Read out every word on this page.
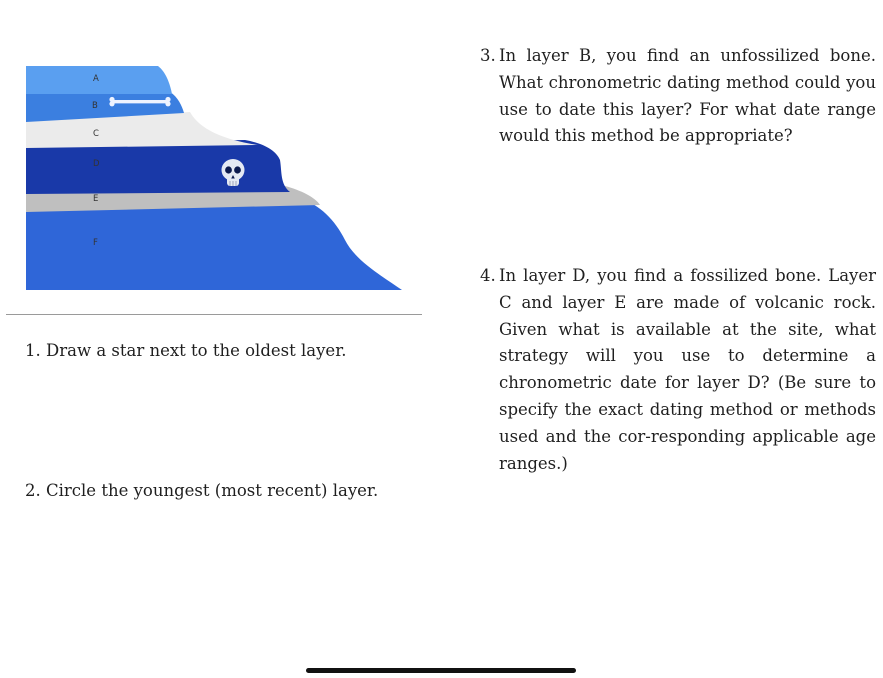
A
B
C
D
E
F
1. Draw a star next to the oldest layer.
2. Circle the youngest (most recent) layer.
3. In layer B, you find an unfossilized bone. What chronometric dating method could you use to date this layer? For what date range would this method be appropriate?
4. In layer D, you find a fossilized bone. Layer C and layer E are made of volcanic rock. Given what is available at the site, what strategy will you use to determine a chronometric date for layer D? (Be sure to specify the exact dating method or methods used and the cor-responding applicable age ranges.)
